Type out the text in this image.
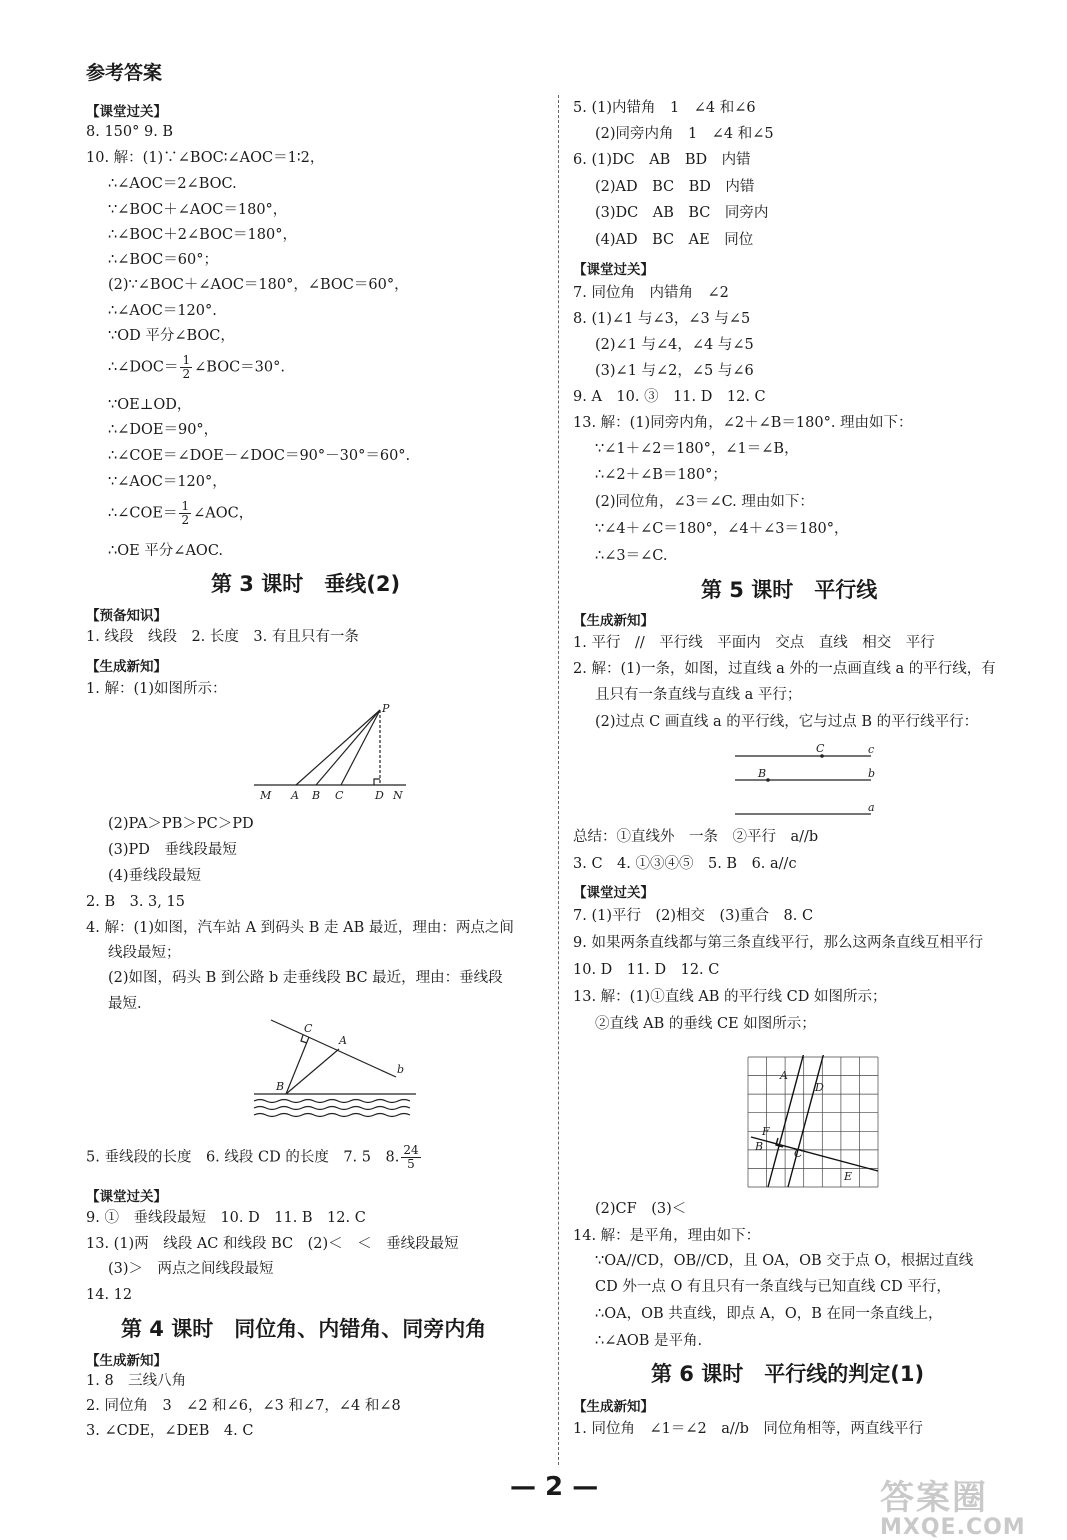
参考答案
【课堂过关】
8. 150° 9. B
10. 解：(1)∵∠BOC∶∠AOC＝1∶2，
∴∠AOC＝2∠BOC.
∵∠BOC＋∠AOC＝180°，
∴∠BOC＋2∠BOC＝180°，
∴∠BOC＝60°；
(2)∵∠BOC＋∠AOC＝180°，∠BOC＝60°，
∴∠AOC＝120°.
∵OD 平分∠BOC，
∴∠DOC＝ $\frac{1}{2}$ ∠BOC＝30°.
∵OE⊥OD，
∴∠DOE＝90°，
∴∠COE＝∠DOE－∠DOC＝90°－30°＝60°.
∵∠AOC＝120°，
∴∠COE＝ $\frac{1}{2}$ ∠AOC，
∴OE 平分∠AOC.
第 3 课时　垂线(2)
【预备知识】
1. 线段　线段　2. 长度　3. 有且只有一条
【生成新知】
1. 解：(1)如图所示：
P
M A B C	D N
(2)PA＞PB＞PC＞PD
(3)PD　垂线段最短
(4)垂线段最短
2. B　3. 3, 15
4. 解：(1)如图，汽车站 A 到码头 B 走 AB 最近，理由：两点之间
线段最短；
(2)如图，码头 B 到公路 b 走垂线段 BC 最近，理由：垂线段
最短.
C
A
b
B
5. 垂线段的长度　6. 线段 CD 的长度　7. 5　8. $\frac{24}{5}$
【课堂过关】
9. ①　垂线段最短　10. D　11. B　12. C
13. (1)两　线段 AC 和线段 BC　(2)＜　＜　垂线段最短
(3)＞　两点之间线段最短
14. 12
第 4 课时　同位角、内错角、同旁内角
【生成新知】
1. 8　三线八角
2. 同位角　3　∠2 和∠6，∠3 和∠7，∠4 和∠8
3. ∠CDE，∠DEB　4. C
5. (1)内错角　1　∠4 和∠6
(2)同旁内角　1　∠4 和∠5
6. (1)DC　AB　BD　内错
(2)AD　BC　BD　内错
(3)DC　AB　BC　同旁内
(4)AD　BC　AE　同位
【课堂过关】
7. 同位角　内错角　∠2
8. (1)∠1 与∠3，∠3 与∠5
(2)∠1 与∠4，∠4 与∠5
(3)∠1 与∠2，∠5 与∠6
9. A　10. ③　11. D　12. C
13. 解：(1)同旁内角，∠2＋∠B＝180°. 理由如下：
∵∠1＋∠2＝180°，∠1＝∠B，
∴∠2＋∠B＝180°；
(2)同位角，∠3＝∠C. 理由如下：
∵∠4＋∠C＝180°，∠4＋∠3＝180°，
∴∠3＝∠C.
第 5 课时　平行线
【生成新知】
1. 平行　//　平行线　平面内　交点　直线　相交　平行
2. 解：(1)一条，如图，过直线 a 外的一点画直线 a 的平行线，有
且只有一条直线与直线 a 平行；
(2)过点 C 画直线 a 的平行线，它与过点 B 的平行线平行：
C	c
B	b
a
总结：①直线外　一条　②平行　a//b
3. C　4. ①③④⑤　5. B　6. a//c
【课堂过关】
7. (1)平行　(2)相交　(3)重合　8. C
9. 如果两条直线都与第三条直线平行，那么这两条直线互相平行
10. D　11. D　12. C
13. 解：(1)①直线 AB 的平行线 CD 如图所示；
②直线 AB 的垂线 CE 如图所示；
A
D
F
B
C
E
(2)CF　(3)＜
14. 解：是平角，理由如下：
∵OA//CD，OB//CD，且 OA，OB 交于点 O，根据过直线
CD 外一点 O 有且只有一条直线与已知直线 CD 平行，
∴OA，OB 共直线，即点 A，O，B 在同一条直线上，
∴∠AOB 是平角.
第 6 课时　平行线的判定(1)
【生成新知】
1. 同位角　∠1＝∠2　a//b　同位角相等，两直线平行
— 2 —	答案圈
MXQE.COM
